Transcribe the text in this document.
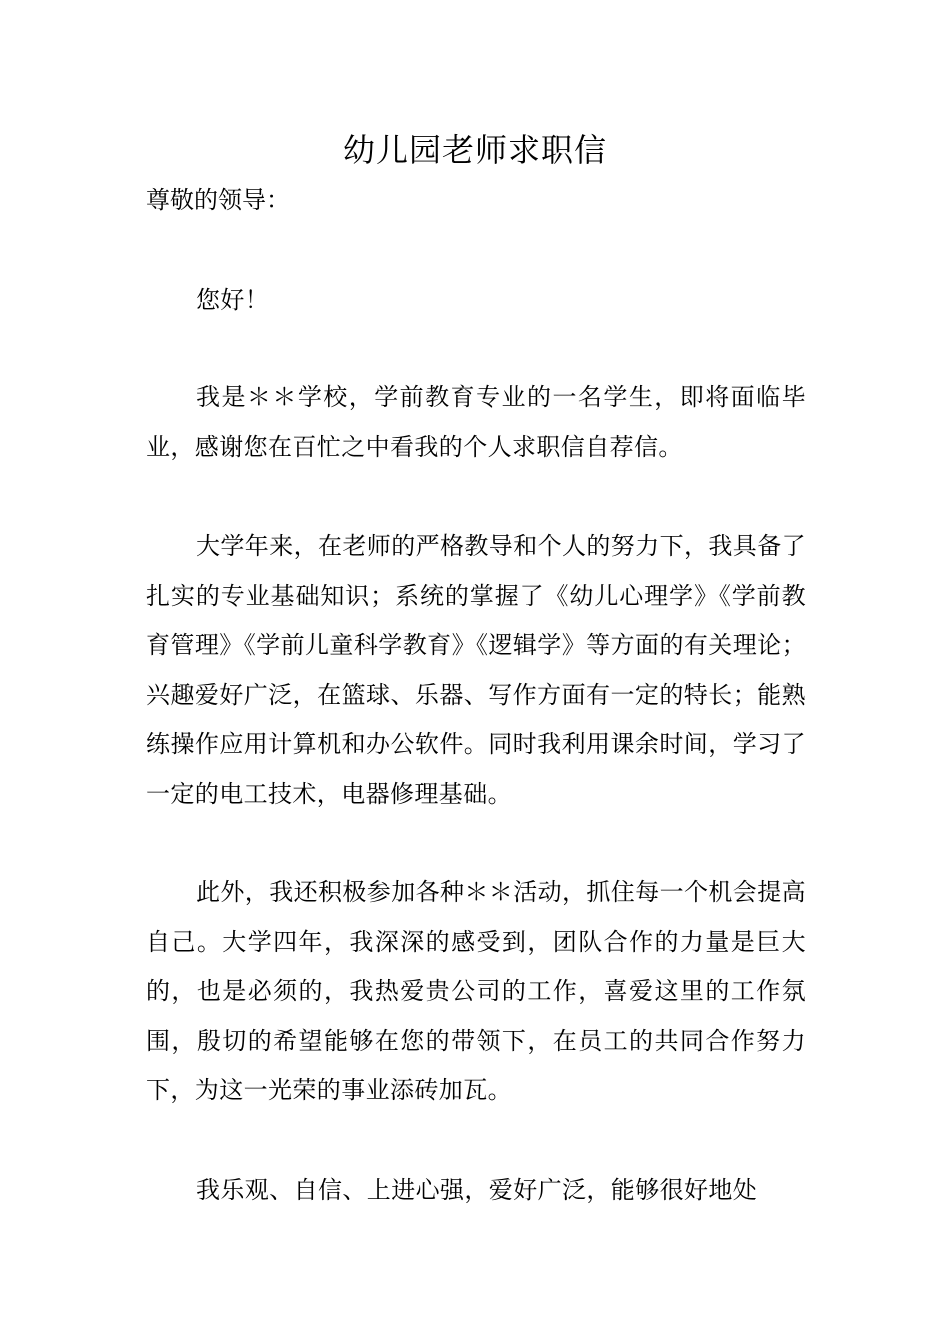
幼儿园老师求职信
尊敬的领导：
您好！
我是＊＊学校，学前教育专业的一名学生，即将面临毕业，感谢您在百忙之中看我的个人求职信自荐信。
大学年来，在老师的严格教导和个人的努力下，我具备了扎实的专业基础知识；系统的掌握了《幼儿心理学》《学前教育管理》《学前儿童科学教育》《逻辑学》等方面的有关理论；兴趣爱好广泛，在篮球、乐器、写作方面有一定的特长；能熟练操作应用计算机和办公软件。同时我利用课余时间，学习了一定的电工技术，电器修理基础。
此外，我还积极参加各种＊＊活动，抓住每一个机会提高自己。大学四年，我深深的感受到，团队合作的力量是巨大的，也是必须的，我热爱贵公司的工作，喜爱这里的工作氛围，殷切的希望能够在您的带领下，在员工的共同合作努力下，为这一光荣的事业添砖加瓦。
我乐观、自信、上进心强，爱好广泛，能够很好地处
